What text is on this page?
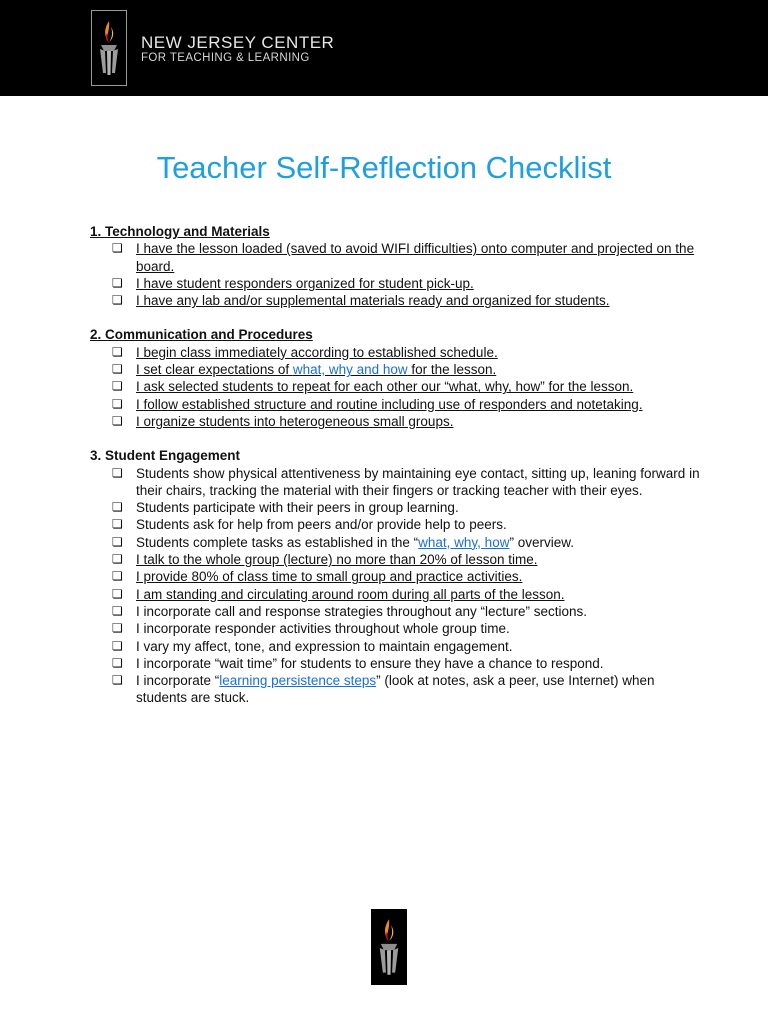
NEW JERSEY CENTER
FOR TEACHING & LEARNING
Teacher Self-Reflection Checklist
1. Technology and Materials
❏ I have the lesson loaded (saved to avoid WIFI difficulties) onto computer and projected on the board.
❏ I have student responders organized for student pick-up.
❏ I have any lab and/or supplemental materials ready and organized for students.
2. Communication and Procedures
❏ I begin class immediately according to established schedule.
❏ I set clear expectations of what, why and how for the lesson.
❏ I ask selected students to repeat for each other our “what, why, how” for the lesson.
❏ I follow established structure and routine including use of responders and notetaking.
❏ I organize students into heterogeneous small groups.
3. Student Engagement
❏ Students show physical attentiveness by maintaining eye contact, sitting up, leaning forward in their chairs, tracking the material with their fingers or tracking teacher with their eyes.
❏ Students participate with their peers in group learning.
❏ Students ask for help from peers and/or provide help to peers.
❏ Students complete tasks as established in the “what, why, how” overview.
❏ I talk to the whole group (lecture) no more than 20% of lesson time.
❏ I provide 80% of class time to small group and practice activities.
❏ I am standing and circulating around room during all parts of the lesson.
❏ I incorporate call and response strategies throughout any “lecture” sections.
❏ I incorporate responder activities throughout whole group time.
❏ I vary my affect, tone, and expression to maintain engagement.
❏ I incorporate “wait time” for students to ensure they have a chance to respond.
❏ I incorporate “learning persistence steps” (look at notes, ask a peer, use Internet) when students are stuck.
